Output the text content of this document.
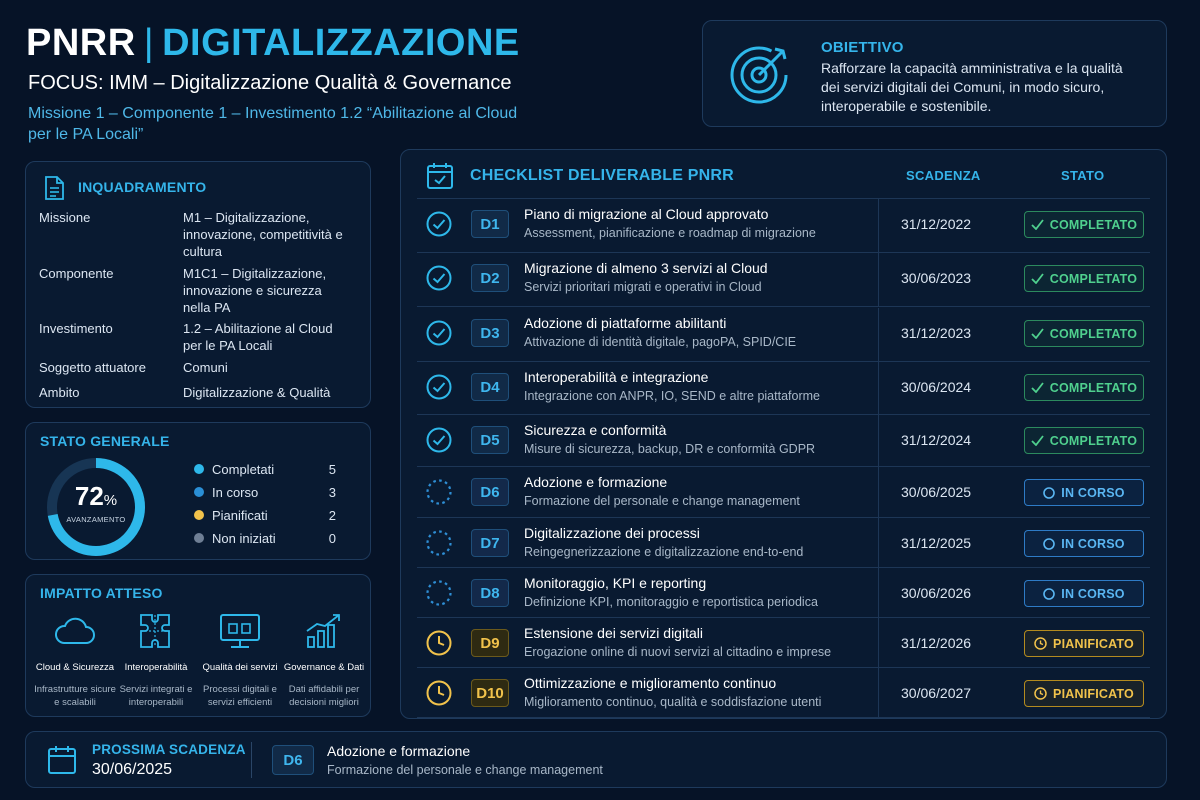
PNRR | DIGITALIZZAZIONE
FOCUS: IMM – Digitalizzazione Qualità & Governance
Missione 1 – Componente 1 – Investimento 1.2 “Abilitazione al Cloud per le PA Locali”
OBIETTIVO
Rafforzare la capacità amministrativa e la qualità dei servizi digitali dei Comuni, in modo sicuro, interoperabile e sostenibile.
INQUADRAMENTO
Missione	M1 – Digitalizzazione, innovazione, competitività e cultura
Componente	M1C1 – Digitalizzazione, innovazione e sicurezza nella PA
Investimento	1.2 – Abilitazione al Cloud per le PA Locali
Soggetto attuatore	Comuni
Ambito	Digitalizzazione & Qualità
STATO GENERALE
72%
AVANZAMENTO
Completati	5
In corso	3
Pianificati	2
Non iniziati	0
IMPATTO ATTESO
Cloud & Sicurezza
Infrastrutture sicure e scalabili
Interoperabilità
Servizi integrati e interoperabili
Qualità dei servizi
Processi digitali e servizi efficienti
Governance & Dati
Dati affidabili per decisioni migliori
CHECKLIST DELIVERABLE PNRR	SCADENZA	STATO
D1
Piano di migrazione al Cloud approvato
Assessment, pianificazione e roadmap di migrazione
31/12/2022	COMPLETATO
D2
Migrazione di almeno 3 servizi al Cloud
Servizi prioritari migrati e operativi in Cloud
30/06/2023	COMPLETATO
D3
Adozione di piattaforme abilitanti
Attivazione di identità digitale, pagoPA, SPID/CIE
31/12/2023	COMPLETATO
D4
Interoperabilità e integrazione
Integrazione con ANPR, IO, SEND e altre piattaforme
30/06/2024	COMPLETATO
D5
Sicurezza e conformità
Misure di sicurezza, backup, DR e conformità GDPR
31/12/2024	COMPLETATO
D6
Adozione e formazione
Formazione del personale e change management
30/06/2025	IN CORSO
D7
Digitalizzazione dei processi
Reingegnerizzazione e digitalizzazione end-to-end
31/12/2025	IN CORSO
D8
Monitoraggio, KPI e reporting
Definizione KPI, monitoraggio e reportistica periodica
30/06/2026	IN CORSO
D9
Estensione dei servizi digitali
Erogazione online di nuovi servizi al cittadino e imprese
31/12/2026	PIANIFICATO
D10
Ottimizzazione e miglioramento continuo
Miglioramento continuo, qualità e soddisfazione utenti
30/06/2027	PIANIFICATO
PROSSIMA SCADENZA
30/06/2025
D6
Adozione e formazione
Formazione del personale e change management
